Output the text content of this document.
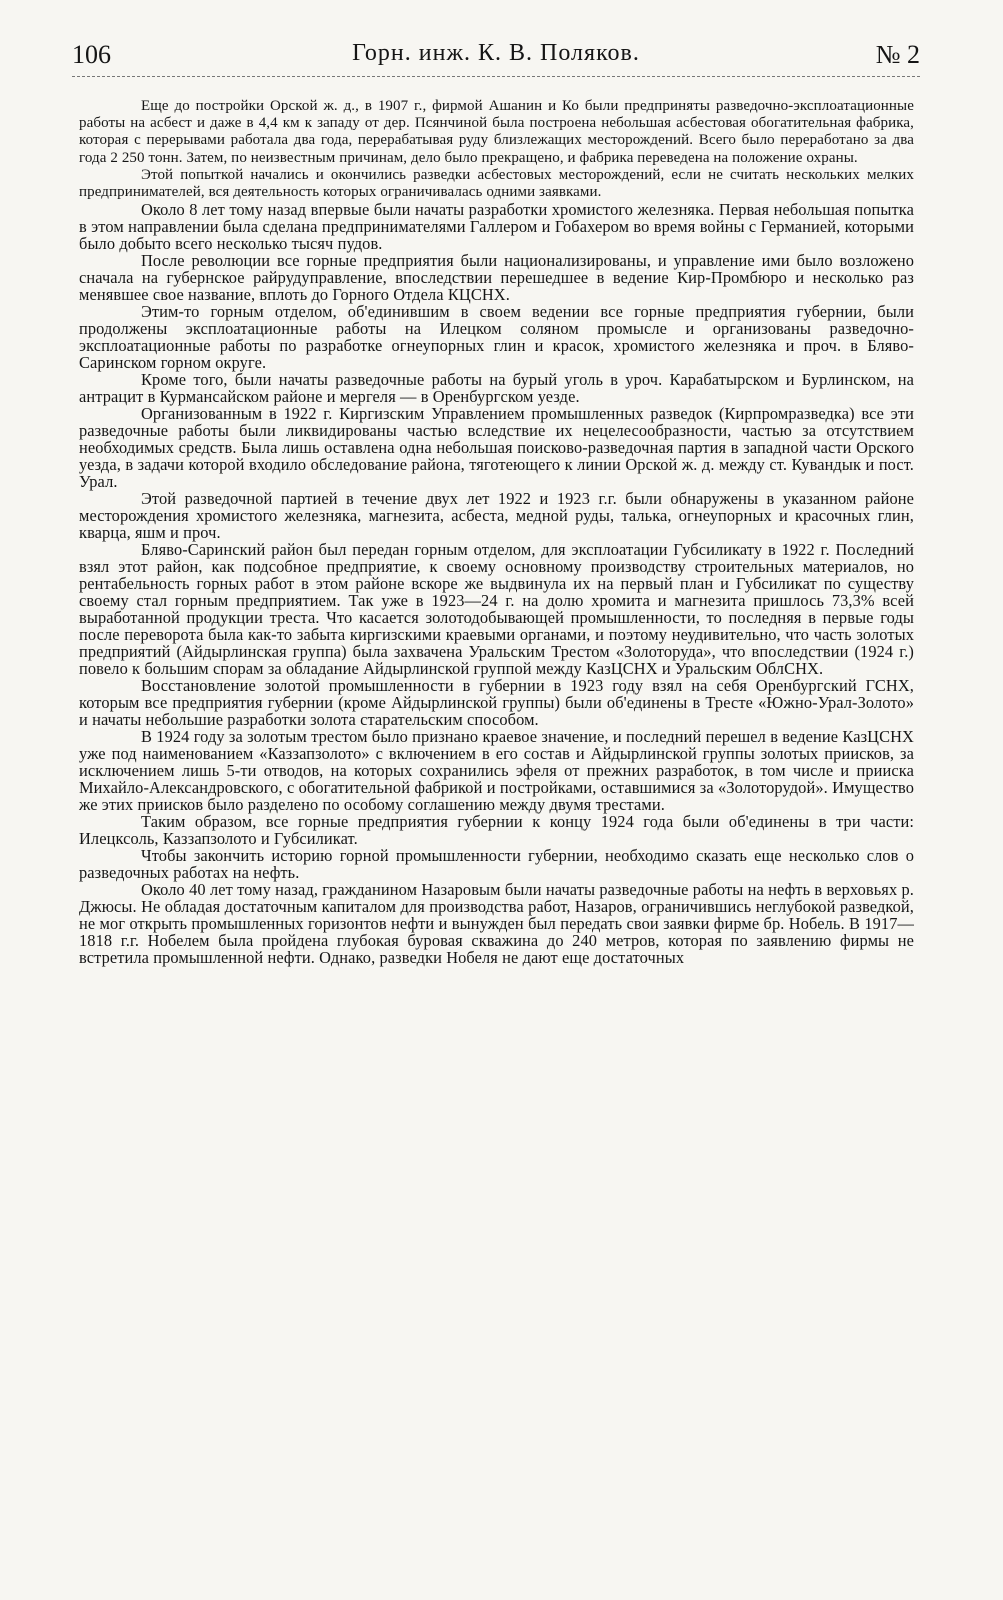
106	Горн. инж. К. В. Поляков.	№ 2

Еще до постройки Орской ж. д., в 1907 г., фирмой Ашанин и Ко были предприняты разведочно-эксплоатационные работы на асбест и даже в 4,4 км к западу от дер. Псянчиной была построена небольшая асбестовая обогатительная фабрика, которая с перерывами работала два года, перерабатывая руду близлежащих месторождений. Всего было переработано за два года 2 250 тонн. Затем, по неизвестным причинам, дело было прекращено, и фабрика переведена на положение охраны.

Этой попыткой начались и окончились разведки асбестовых месторождений, если не считать нескольких мелких предпринимателей, вся деятельность которых ограничивалась одними заявками.

Около 8 лет тому назад впервые были начаты разработки хромистого железняка. Первая небольшая попытка в этом направлении была сделана предпринимателями Галлером и Гобахером во время войны с Германией, которыми было добыто всего несколько тысяч пудов.

После революции все горные предприятия были национализированы, и управление ими было возложено сначала на губернское райрудуправление, впоследствии перешедшее в ведение Кир-Промбюро и несколько раз менявшее свое название, вплоть до Горного Отдела КЦСНХ.

Этим-то горным отделом, об'единившим в своем ведении все горные предприятия губернии, были продолжены эксплоатационные работы на Илецком соляном промысле и организованы разведочно-эксплоатационные работы по разработке огнеупорных глин и красок, хромистого железняка и проч. в Бляво-Саринском горном округе.

Кроме того, были начаты разведочные работы на бурый уголь в уроч. Карабатырском и Бурлинском, на антрацит в Курмансайском районе и мергеля — в Оренбургском уезде.

Организованным в 1922 г. Киргизским Управлением промышленных разведок (Кирпромразведка) все эти разведочные работы были ликвидированы частью вследствие их нецелесообразности, частью за отсутствием необходимых средств. Была лишь оставлена одна небольшая поисково-разведочная партия в западной части Орского уезда, в задачи которой входило обследование района, тяготеющего к линии Орской ж. д. между ст. Кувандык и пост. Урал.

Этой разведочной партией в течение двух лет 1922 и 1923 г.г. были обнаружены в указанном районе месторождения хромистого железняка, магнезита, асбеста, медной руды, талька, огнеупорных и красочных глин, кварца, яшм и проч.

Бляво-Саринский район был передан горным отделом, для эксплоатации Губсиликату в 1922 г. Последний взял этот район, как подсобное предприятие, к своему основному производству строительных материалов, но рентабельность горных работ в этом районе вскоре же выдвинула их на первый план и Губсиликат по существу своему стал горным предприятием. Так уже в 1923—24 г. на долю хромита и магнезита пришлось 73,3% всей выработанной продукции треста. Что касается золотодобывающей промышленности, то последняя в первые годы после переворота была как-то забыта киргизскими краевыми органами, и поэтому неудивительно, что часть золотых предприятий (Айдырлинская группа) была захвачена Уральским Трестом «Золоторуда», что впоследствии (1924 г.) повело к большим спорам за обладание Айдырлинской группой между КазЦСНХ и Уральским ОблСНХ.

Восстановление золотой промышленности в губернии в 1923 году взял на себя Оренбургский ГСНХ, которым все предприятия губернии (кроме Айдырлинской группы) были об'единены в Тресте «Южно-Урал-Золото» и начаты небольшие разработки золота старательским способом.

В 1924 году за золотым трестом было признано краевое значение, и последний перешел в ведение КазЦСНХ уже под наименованием «Каззапзолото» с включением в его состав и Айдырлинской группы золотых приисков, за исключением лишь 5-ти отводов, на которых сохранились эфеля от прежних разработок, в том числе и прииска Михайло-Александровского, с обогатительной фабрикой и постройками, оставшимися за «Золоторудой». Имущество же этих приисков было разделено по особому соглашению между двумя трестами.

Таким образом, все горные предприятия губернии к концу 1924 года были об'единены в три части: Илецксоль, Каззапзолото и Губсиликат.

Чтобы закончить историю горной промышленности губернии, необходимо сказать еще несколько слов о разведочных работах на нефть.

Около 40 лет тому назад, гражданином Назаровым были начаты разведочные работы на нефть в верховьях р. Джюсы. Не обладая достаточным капиталом для производства работ, Назаров, ограничившись неглубокой разведкой, не мог открыть промышленных горизонтов нефти и вынужден был передать свои заявки фирме бр. Нобель. В 1917—1818 г.г. Нобелем была пройдена глубокая буровая скважина до 240 метров, которая по заявлению фирмы не встретила промышленной нефти. Однако, разведки Нобеля не дают еще достаточных
